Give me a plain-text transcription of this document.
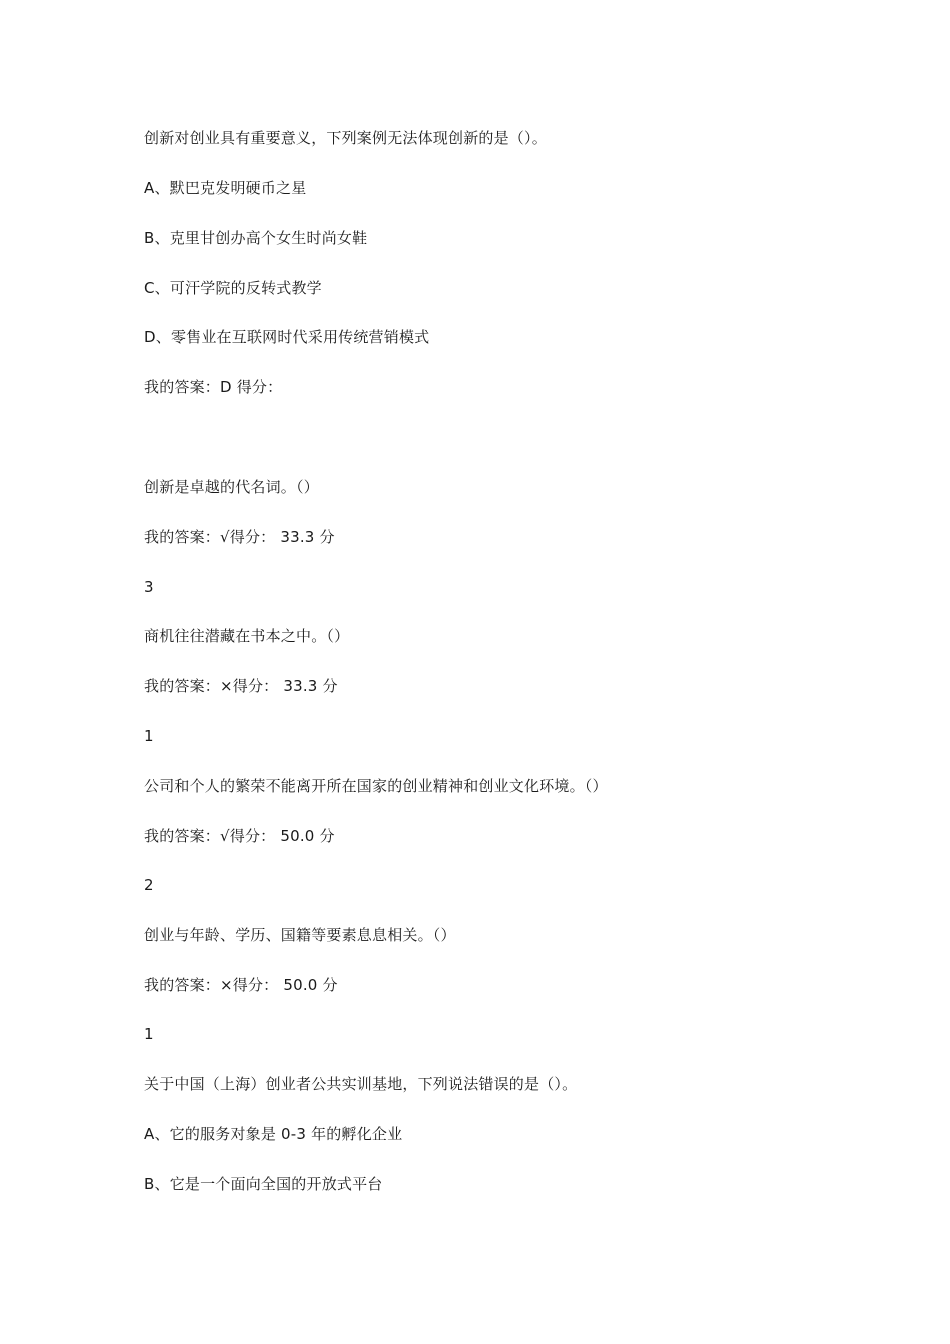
创新对创业具有重要意义，下列案例无法体现创新的是（）。
A、默巴克发明硬币之星
B、克里甘创办高个女生时尚女鞋
C、可汗学院的反转式教学
D、零售业在互联网时代采用传统营销模式
我的答案：D 得分：
创新是卓越的代名词。（）
我的答案：√得分： 33.3 分
3
商机往往潜藏在书本之中。（）
我的答案：×得分： 33.3 分
1
公司和个人的繁荣不能离开所在国家的创业精神和创业文化环境。（）
我的答案：√得分： 50.0 分
2
创业与年龄、学历、国籍等要素息息相关。（）
我的答案：×得分： 50.0 分
1
关于中国（上海）创业者公共实训基地，下列说法错误的是（）。
A、它的服务对象是 0-3 年的孵化企业
B、它是一个面向全国的开放式平台
